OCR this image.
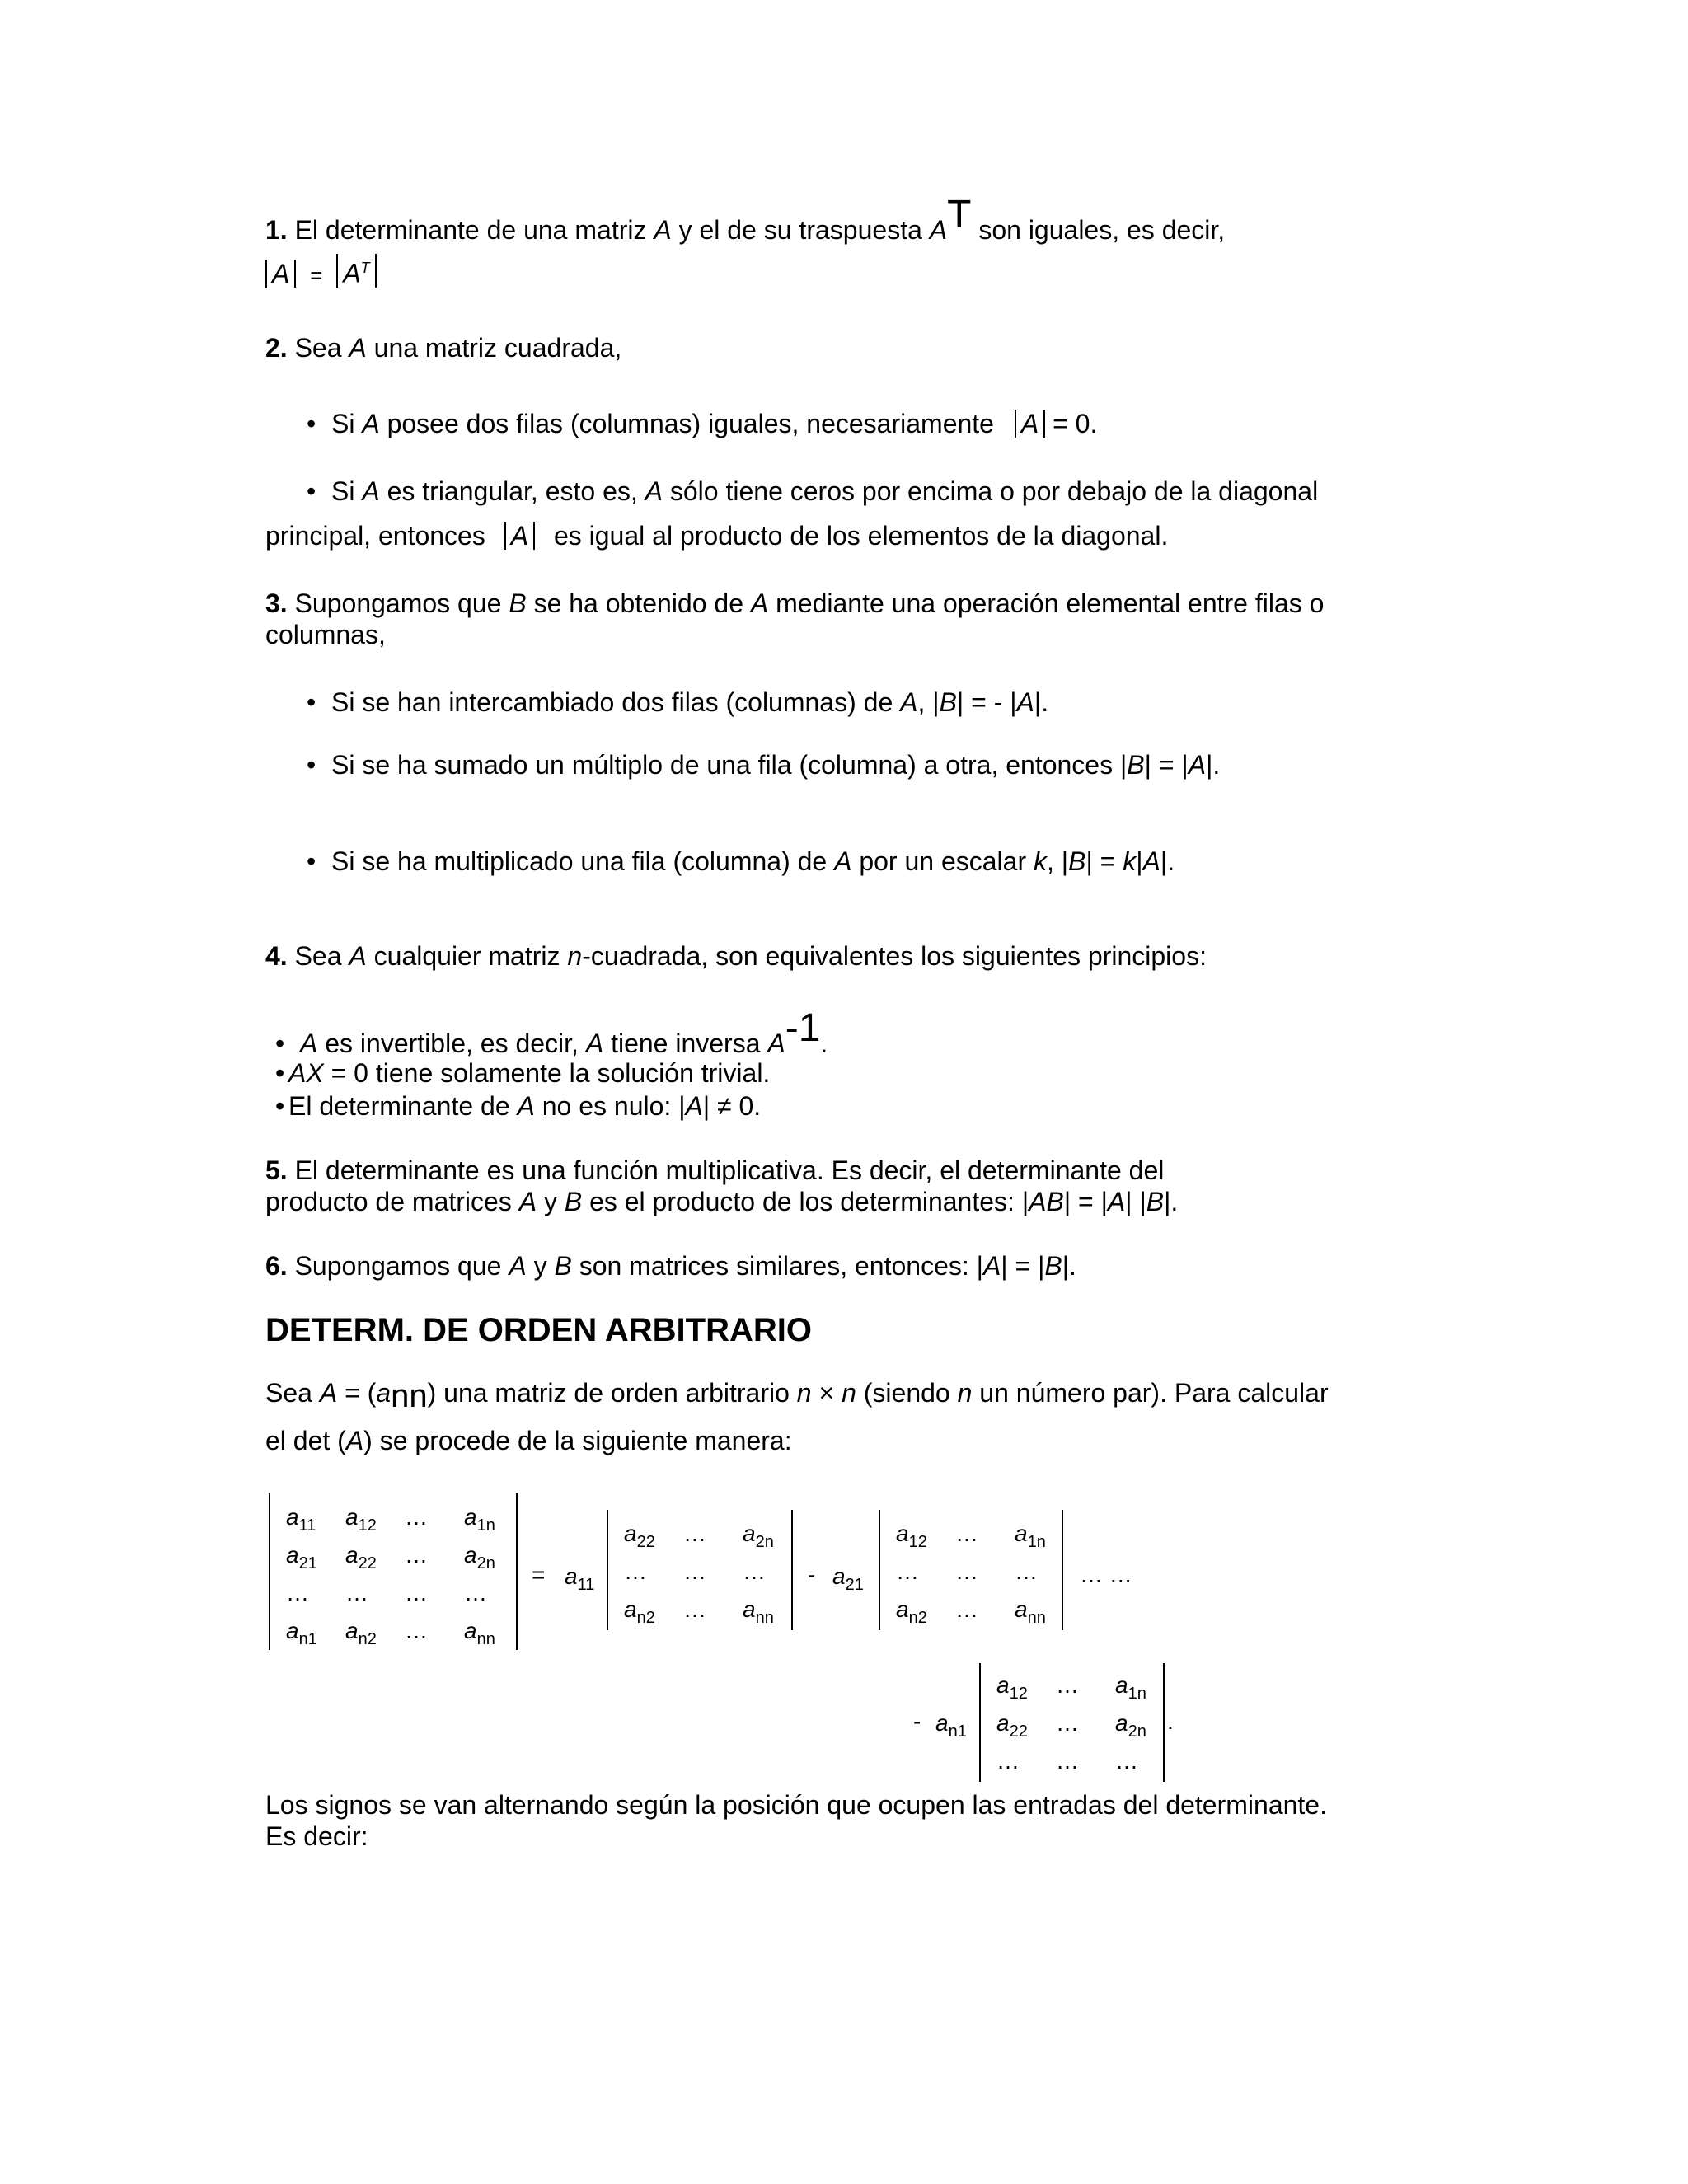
1. El determinante de una matriz A y el de su traspuesta AT son iguales, es decir,
$A = A^T$
2. Sea A una matriz cuadrada,
• Si A posee dos filas (columnas) iguales, necesariamente A = 0.
• Si A es triangular, esto es, A sólo tiene ceros por encima o por debajo de la diagonal
principal, entonces A es igual al producto de los elementos de la diagonal.
3. Supongamos que B se ha obtenido de A mediante una operación elemental entre filas o
columnas,
• Si se han intercambiado dos filas (columnas) de A, |B| = - |A|.
• Si se ha sumado un múltiplo de una fila (columna) a otra, entonces |B| = |A|.
• Si se ha multiplicado una fila (columna) de A por un escalar k, |B| = k|A|.
4. Sea A cualquier matriz n-cuadrada, son equivalentes los siguientes principios:
• A es invertible, es decir, A tiene inversa A-1.
• AX = 0 tiene solamente la solución trivial.
• El determinante de A no es nulo: |A| ≠ 0.
5. El determinante es una función multiplicativa. Es decir, el determinante del
producto de matrices A y B es el producto de los determinantes: |AB| = |A| |B|.
6. Supongamos que A y B son matrices similares, entonces: |A| = |B|.
DETERM. DE ORDEN ARBITRARIO
Sea A = (ann) una matriz de orden arbitrario n × n (siendo n un número par). Para calcular
el det (A) se procede de la siguiente manera:
$a_{11}$ $a_{12}$ … $a_{1n}$
$a_{21}$ $a_{22}$ … $a_{2n}$
… … … …
$a_{n1}$ $a_{n2}$ … $a_{nn}$
= $a_{11}$
$a_{22}$ … $a_{2n}$
… … …
$a_{n2}$ … $a_{nn}$
- $a_{21}$
$a_{12}$ … $a_{1n}$
… … …
$a_{n2}$ … $a_{nn}$
… …
- $a_{n1}$
$a_{12}$ … $a_{1n}$
$a_{22}$ … $a_{2n}$
… … …
.
Los signos se van alternando según la posición que ocupen las entradas del determinante.
Es decir:
